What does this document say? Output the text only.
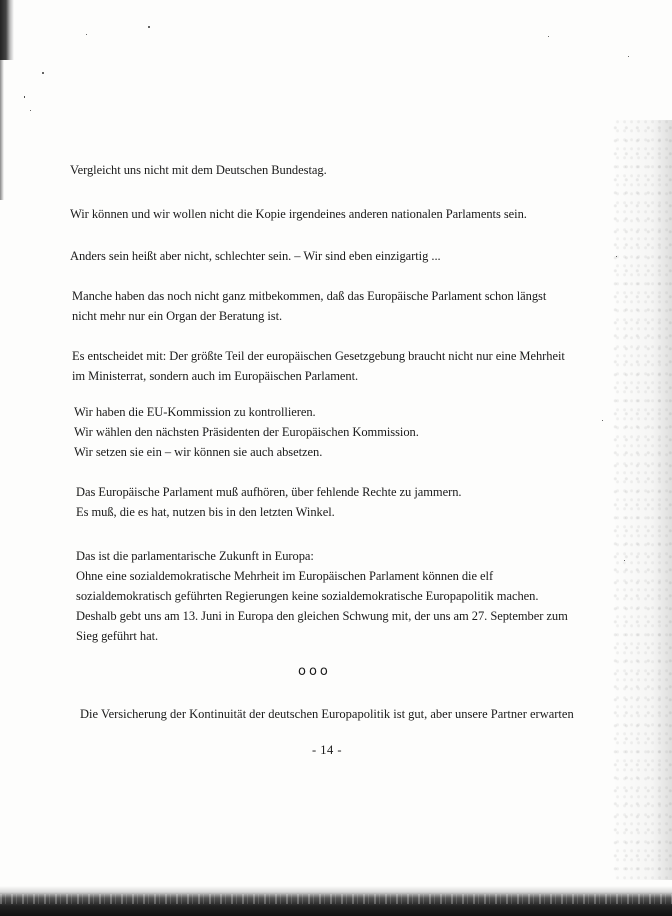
Vergleicht uns nicht mit dem Deutschen Bundestag.

Wir können und wir wollen nicht die Kopie irgendeines anderen nationalen Parlaments sein.

Anders sein heißt aber nicht, schlechter sein. – Wir sind eben einzigartig ...

Manche haben das noch nicht ganz mitbekommen, daß das Europäische Parlament schon längst
nicht mehr nur ein Organ der Beratung ist.

Es entscheidet mit: Der größte Teil der europäischen Gesetzgebung braucht nicht nur eine Mehrheit
im Ministerrat, sondern auch im Europäischen Parlament.

Wir haben die EU-Kommission zu kontrollieren.
Wir wählen den nächsten Präsidenten der Europäischen Kommission.
Wir setzen sie ein – wir können sie auch absetzen.

Das Europäische Parlament muß aufhören, über fehlende Rechte zu jammern.
Es muß, die es hat, nutzen bis in den letzten Winkel.

Das ist die parlamentarische Zukunft in Europa:
Ohne eine sozialdemokratische Mehrheit im Europäischen Parlament können die elf
sozialdemokratisch geführten Regierungen keine sozialdemokratische Europapolitik machen.
Deshalb gebt uns am 13. Juni in Europa den gleichen Schwung mit, der uns am 27. September zum
Sieg geführt hat.

ooo
Die Versicherung der Kontinuität der deutschen Europapolitik ist gut, aber unsere Partner erwarten
- 14 -
